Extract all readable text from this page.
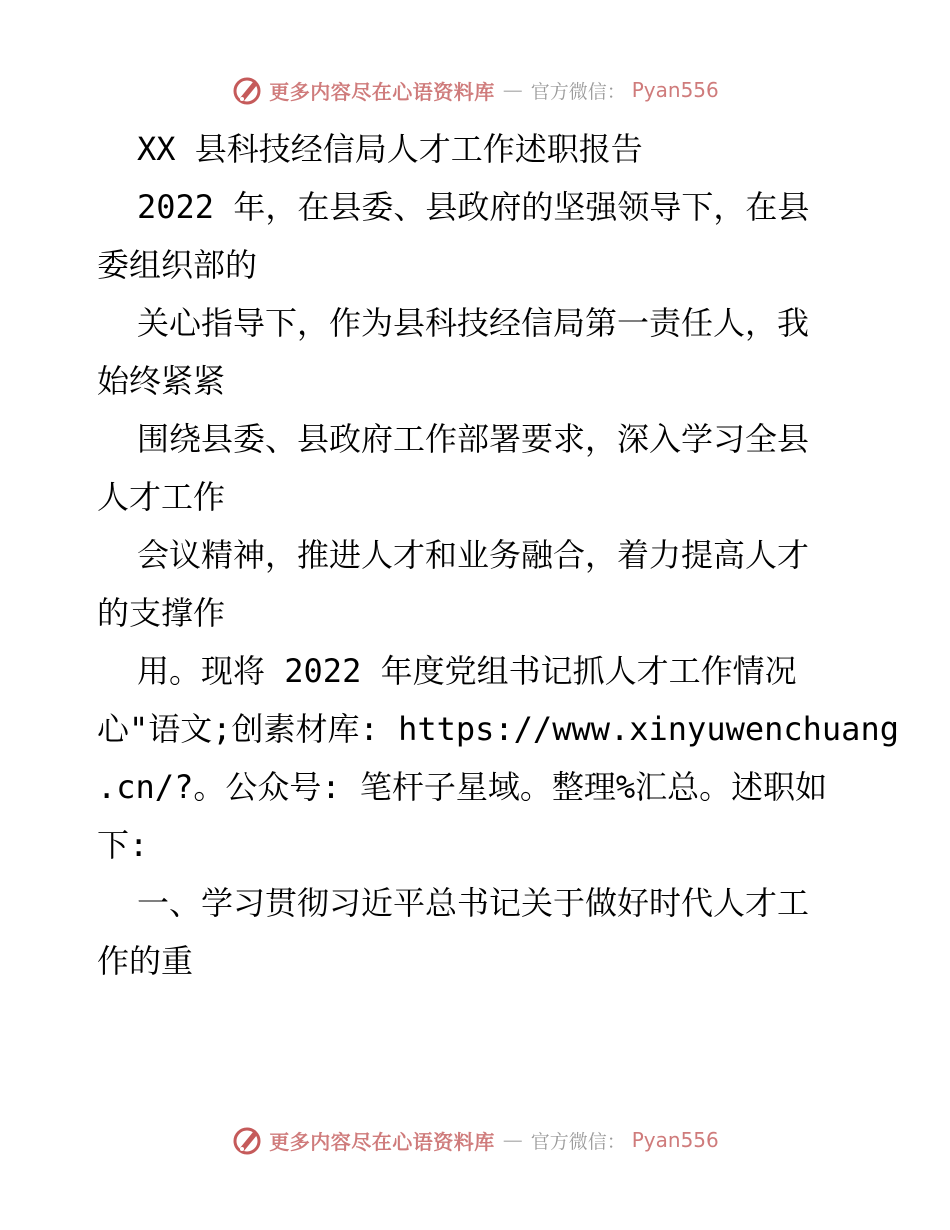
更多内容尽在心语资料库 — 官方微信： Pyan556

XX 县科技经信局人才工作述职报告

2022 年，在县委、县政府的坚强领导下，在县

委组织部的

关心指导下，作为县科技经信局第一责任人，我

始终紧紧

围绕县委、县政府工作部署要求，深入学习全县

人才工作

会议精神，推进人才和业务融合，着力提高人才

的支撑作

用。现将 2022 年度党组书记抓人才工作情况

心"语文;创素材库: https://www.xinyuwenchuang

.cn/?。公众号: 笔杆子星域。整理%汇总。述职如

下:

一、学习贯彻习近平总书记关于做好时代人才工

作的重

更多内容尽在心语资料库 — 官方微信： Pyan556
